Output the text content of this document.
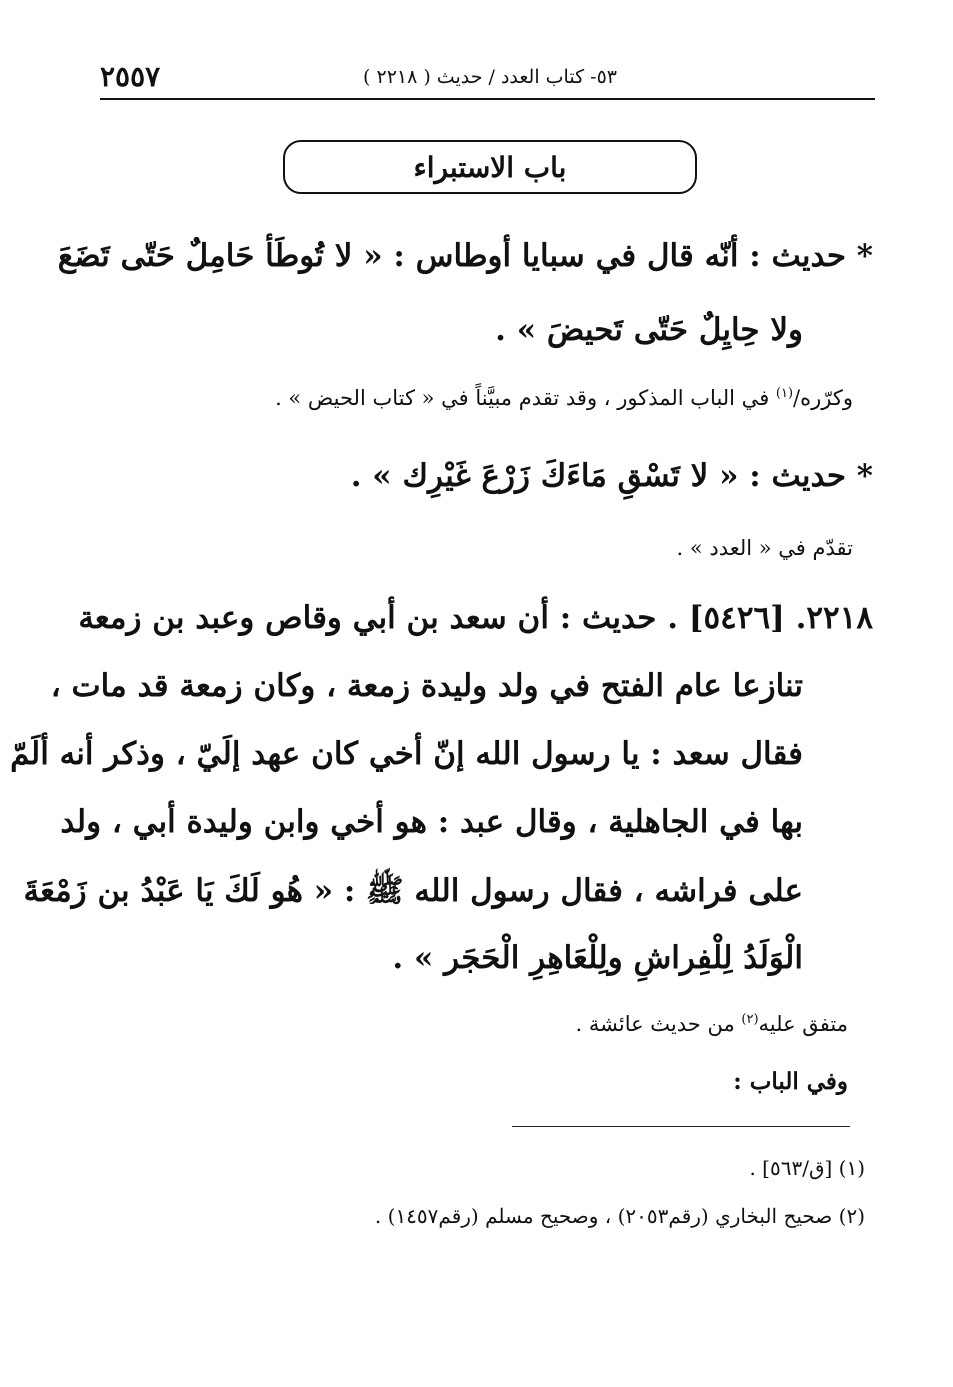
٥٣- كتاب العدد / حديث ( ٢٢١٨ )
٢٥٥٧
باب الاستبراء
* حديث : أنّه قال في سبايا أوطاس : « لا تُوطَأ حَامِلٌ حَتّى تَضَعَ
ولا حِايِلٌ حَتّى تَحيضَ » .
وكرّره/$^{(١)}$ في الباب المذكور ، وقد تقدم مبيَّناً في « كتاب الحيض » .
* حديث : « لا تَسْقِ مَاءَكَ زَرْعَ غَيْرِك » .
تقدّم في « العدد » .
٢٢١٨. [٥٤٢٦] . حديث : أن سعد بن أبي وقاص وعبد بن زمعة
تنازعا عام الفتح في ولد وليدة زمعة ، وكان زمعة قد مات ،
فقال سعد : يا رسول الله إنّ أخي كان عهد إلَيّ ، وذكر أنه ألَمّ
بها في الجاهلية ، وقال عبد : هو أخي وابن وليدة أبي ، ولد
على فراشه ، فقال رسول الله ﷺ : « هُو لَكَ يَا عَبْدُ بن زَمْعَةَ
الْوَلَدُ لِلْفِراشِ ولِلْعَاهِرِ الْحَجَر » .
متفق عليه$^{(٢)}$ من حديث عائشة .
وفي الباب :
(١) [ق/٥٦٣] .
(٢) صحيح البخاري (رقم٢٠٥٣) ، وصحيح مسلم (رقم١٤٥٧) .
